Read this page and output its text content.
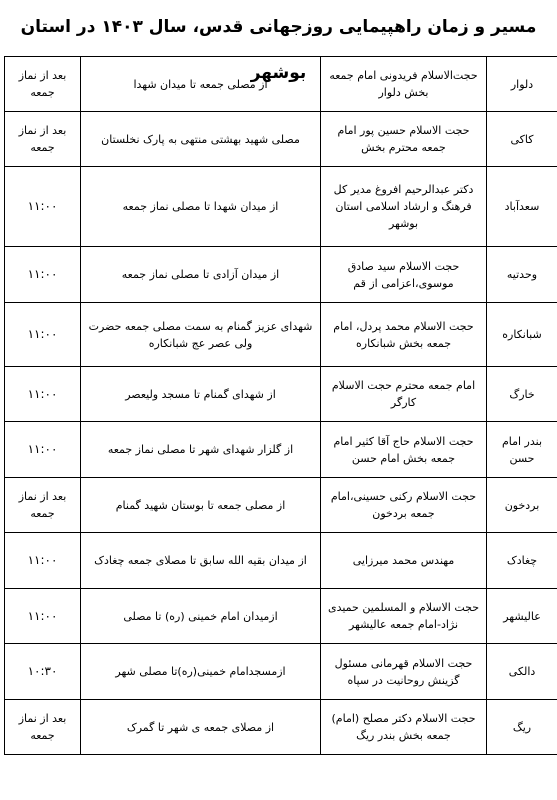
مسیر و زمان راهپیمایی روزجهانی قدس، سال ۱۴۰۳ در استان بوشهر
	دلوار	حجت‌الاسلام فریدونی امام جمعه بخش دلوار	از مصلی جمعه تا میدان شهدا	بعد از نماز جمعه
	کاکی	حجت الاسلام حسین پور امام جمعه محترم بخش	مصلی شهید بهشتی منتهی به پارک نخلستان	بعد از نماز جمعه
	سعدآباد	دکتر عبدالرحیم افروغ مدیر کل فرهنگ و ارشاد اسلامی استان بوشهر	از میدان شهدا تا مصلی نماز جمعه	۱۱:۰۰
	وحدتیه	حجت الاسلام سید صادق موسوی،اعزامی از قم	از میدان آزادی تا مصلی نماز جمعه	۱۱:۰۰
	شبانکاره	حجت الاسلام محمد پردل، امام جمعه بخش شبانکاره	شهدای عزیز گمنام به سمت مصلی جمعه حضرت ولی عصر عج شبانکاره	۱۱:۰۰
	خارگ	امام جمعه محترم حجت الاسلام کارگر	از شهدای گمنام تا مسجد ولیعصر	۱۱:۰۰
	بندر امام حسن	حجت الاسلام حاج آقا کثیر امام جمعه بخش امام حسن	از گلزار شهدای شهر تا مصلی نماز جمعه	۱۱:۰۰
	بردخون	حجت الاسلام رکنی حسینی،امام جمعه بردخون	از مصلی جمعه تا بوستان شهید گمنام	بعد از نماز جمعه
	چغادک	مهندس محمد میرزایی	از میدان بقیه الله سابق تا مصلای جمعه چغادک	۱۱:۰۰
	عالیشهر	حجت الاسلام و المسلمین حمیدی نژاد-امام جمعه عالیشهر	ازمیدان امام خمینی (ره) تا مصلی	۱۱:۰۰
	دالکی	حجت الاسلام قهرمانی مسئول گزینش روحانیت در سپاه	ازمسجدامام خمینی(ره)تا مصلی شهر	۱۰:۳۰
	ریگ	حجت الاسلام دکتر مصلح (امام) جمعه بخش بندر ریگ	از مصلای جمعه ی شهر تا گمرک	بعد از نماز جمعه
